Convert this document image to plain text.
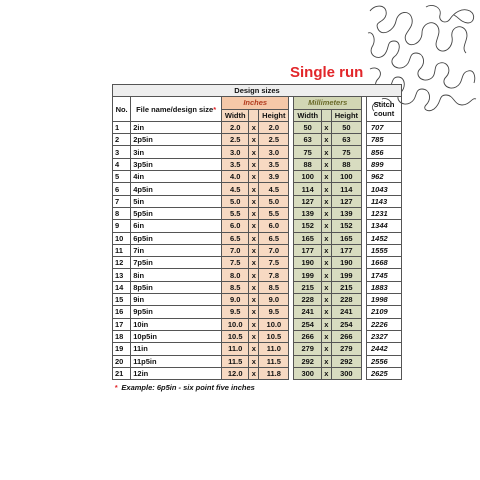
Single run
Design sizes										
No.	File name/design size*	Inches				Millimeters				Stitch count
		Width		Height		Width		Height		
1	2in	2.0	x	2.0		50	x	50		707
2	2p5in	2.5	x	2.5		63	x	63		785
3	3in	3.0	x	3.0		75	x	75		856
4	3p5in	3.5	x	3.5		88	x	88		899
5	4in	4.0	x	3.9		100	x	100		962
6	4p5in	4.5	x	4.5		114	x	114		1043
7	5in	5.0	x	5.0		127	x	127		1143
8	5p5in	5.5	x	5.5		139	x	139		1231
9	6in	6.0	x	6.0		152	x	152		1344
10	6p5in	6.5	x	6.5		165	x	165		1452
11	7in	7.0	x	7.0		177	x	177		1555
12	7p5in	7.5	x	7.5		190	x	190		1668
13	8in	8.0	x	7.8		199	x	199		1745
14	8p5in	8.5	x	8.5		215	x	215		1883
15	9in	9.0	x	9.0		228	x	228		1998
16	9p5in	9.5	x	9.5		241	x	241		2109
17	10in	10.0	x	10.0		254	x	254		2226
18	10p5in	10.5	x	10.5		266	x	266		2327
19	11in	11.0	x	11.0		279	x	279		2442
20	11p5in	11.5	x	11.5		292	x	292		2556
21	12in	12.0	x	11.8		300	x	300		2625
* Example: 6p5in - six point five inches										
